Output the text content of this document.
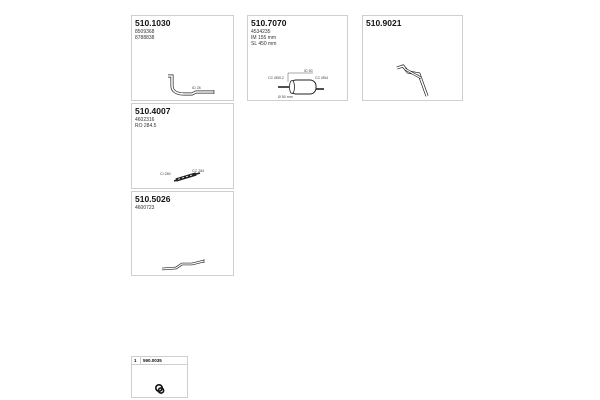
510.1030
8509368
8788838
ID 28
510.7070
4534235
IM 155 mm
SL 450 mm
ID 50
CC Ø50.2	CC Ø54
Ø 50 mm
510.9021
510.4007
4602316
RO 284.5
CI 280
CC 284
510.5026
4600723
1 590.0035
